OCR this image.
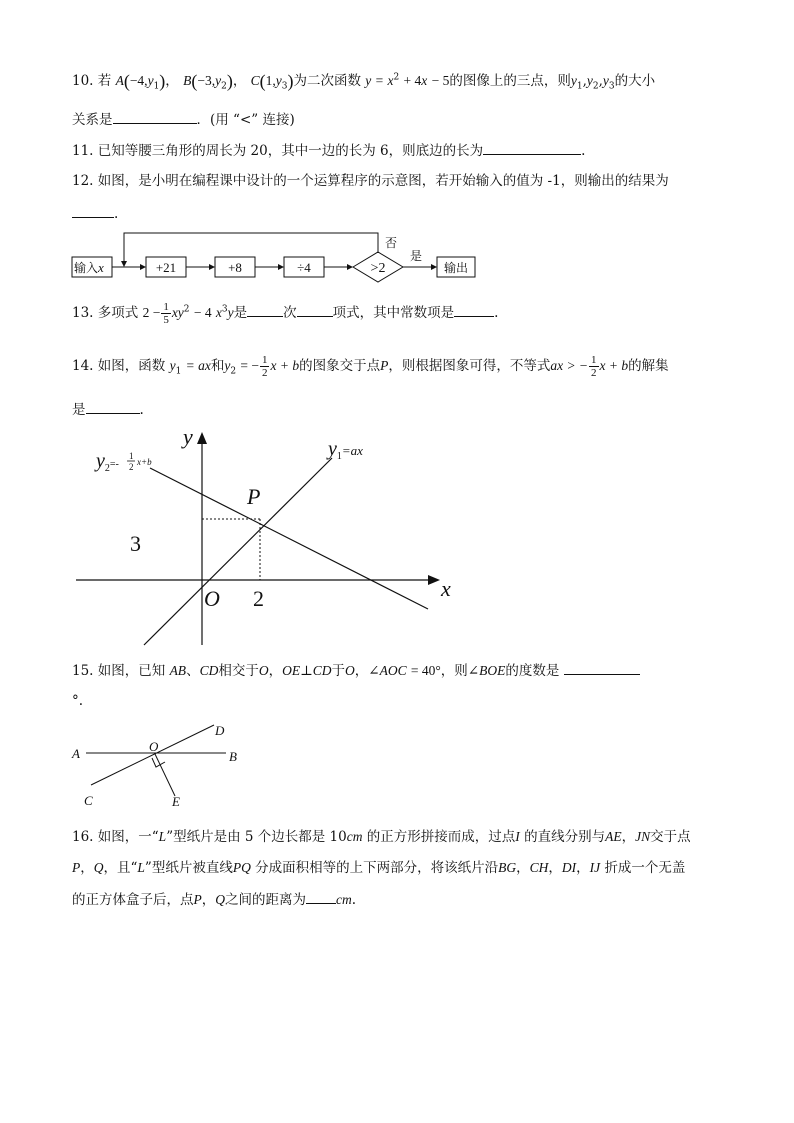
10. 若 $A(-4,y_1)$， $B(-3,y_2)$， $C(1,y_3)$为二次函数 $y = x^2 + 4x - 5$的图像上的三点，则$y_1,y_2,y_3$的大小
关系是	．(用 “<” 连接)
11. 已知等腰三角形的周长为 20，其中一边的长为 6，则底边的长为	.
12. 如图，是小明在编程课中设计的一个运算程序的示意图，若开始输入的值为 -1，则输出的结果为
.
输入x	+21	+8	÷4	>2
否
是
输出
13. 多项式 $2 - \frac{1}{5} xy^2 - 4$ $x^3y$是	次	项式，其中常数项是	.
14. 如图，函数 $y_1$ = ax和$y_2$ = − $\frac{1}{2}$ x + b的图象交于点P，则根据图象可得，不等式ax > − $\frac{1}{2}$ x + b的解集
是	.
y
x
O
P
2
3
$y_1^{=ax}$
$y_2^{=-}$
1
2 x+b
15. 如图，已知 AB、CD相交于O，OE⊥CD于O，∠AOC = 40°，则∠BOE的度数是
°.
A	B
C
D
E
O
16. 如图，一“L”型纸片是由 5 个边长都是 10cm 的正方形拼接而成，过点I 的直线分别与AE，JN交于点
P，Q，且“L”型纸片被直线PQ 分成面积相等的上下两部分，将该纸片沿BG，CH，DI，IJ 折成一个无盖
的正方体盒子后，点P，Q之间的距离为 cm.
